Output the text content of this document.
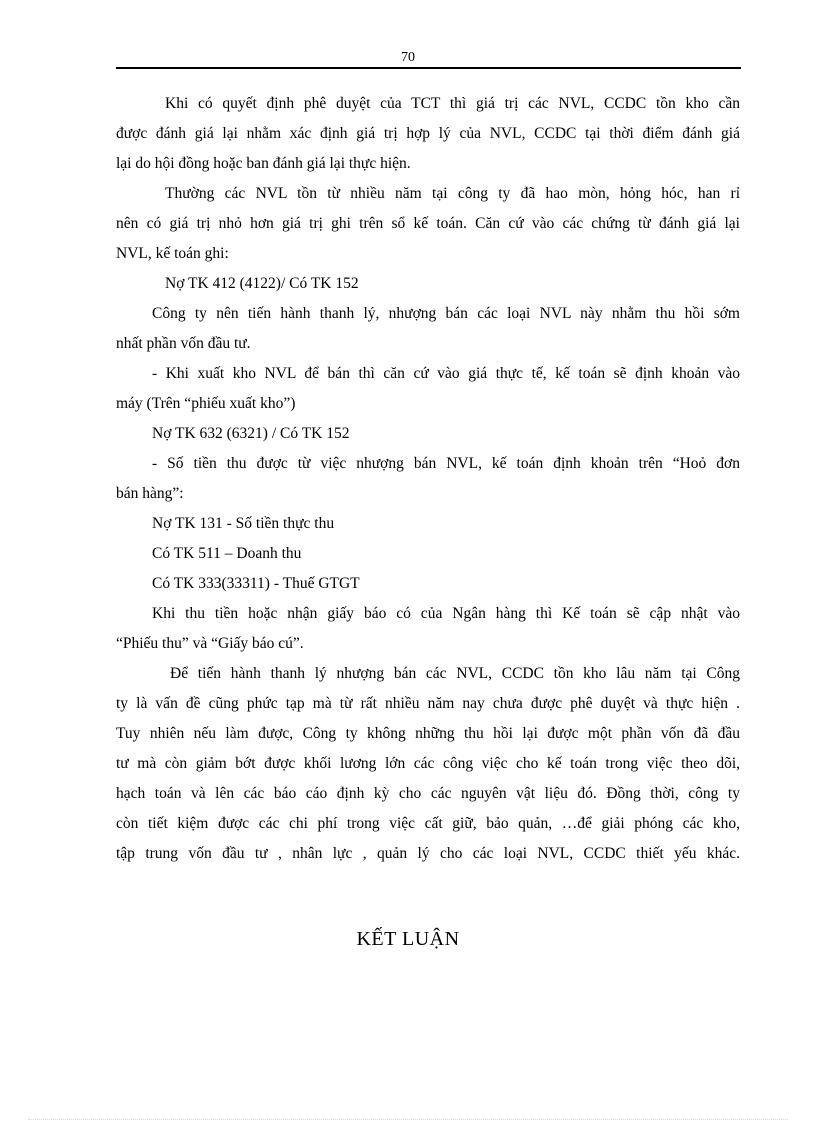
70
Khi có quyết định phê duyệt của TCT thì giá trị các NVL, CCDC tồn kho cần
được đánh giá lại nhằm xác định giá trị hợp lý của NVL, CCDC tại thời điểm đánh giá
lại do hội đồng hoặc ban đánh giá lại thực hiện.
Thường các NVL tồn từ nhiều năm tại công ty đã hao mòn, hỏng hóc, han rỉ
nên có giá trị nhỏ hơn giá trị ghi trên sổ kế toán. Căn cứ vào các chứng từ đánh giá lại
NVL, kế toán ghi:
Nợ TK 412 (4122)/ Có TK 152
Công ty nên tiến hành thanh lý, nhượng bán các loại NVL này nhằm thu hồi sớm
nhất phần vốn đầu tư.
- Khi xuất kho NVL để bán thì căn cứ vào giá thực tế, kế toán sẽ định khoản vào
máy (Trên “phiếu xuất kho”)
Nợ TK 632 (6321) / Có TK 152
- Số tiền thu được từ việc nhượng bán NVL, kế toán định khoản trên “Hoỏ đơn
bán hàng”:
Nợ TK 131 - Số tiền thực thu
Có TK 511 – Doanh thu
Có TK 333(33311) - Thuế GTGT
Khi thu tiền hoặc nhận giấy báo có của Ngân hàng thì Kế toán sẽ cập nhật vào
“Phiếu thu” và “Giấy báo cú”.
Để tiến hành thanh lý nhượng bán các NVL, CCDC tồn kho lâu năm tại Công
ty là vấn đề cũng phức tạp mà từ rất nhiều năm nay chưa được phê duyệt và thực hiện .
Tuy nhiên nếu làm được, Công ty không những thu hồi lại được một phần vốn đã đầu
tư mà còn giảm bớt được khối lương lớn các công việc cho kế toán trong việc theo dõi,
hạch toán và lên các báo cáo định kỳ cho các nguyên vật liệu đó. Đồng thời, công ty
còn tiết kiệm được các chi phí trong việc cất giữ, bảo quản, …để giải phóng các kho,
tập trung vốn đầu tư , nhân lực , quản lý cho các loại NVL, CCDC thiết yếu khác.
KẾT LUẬN
